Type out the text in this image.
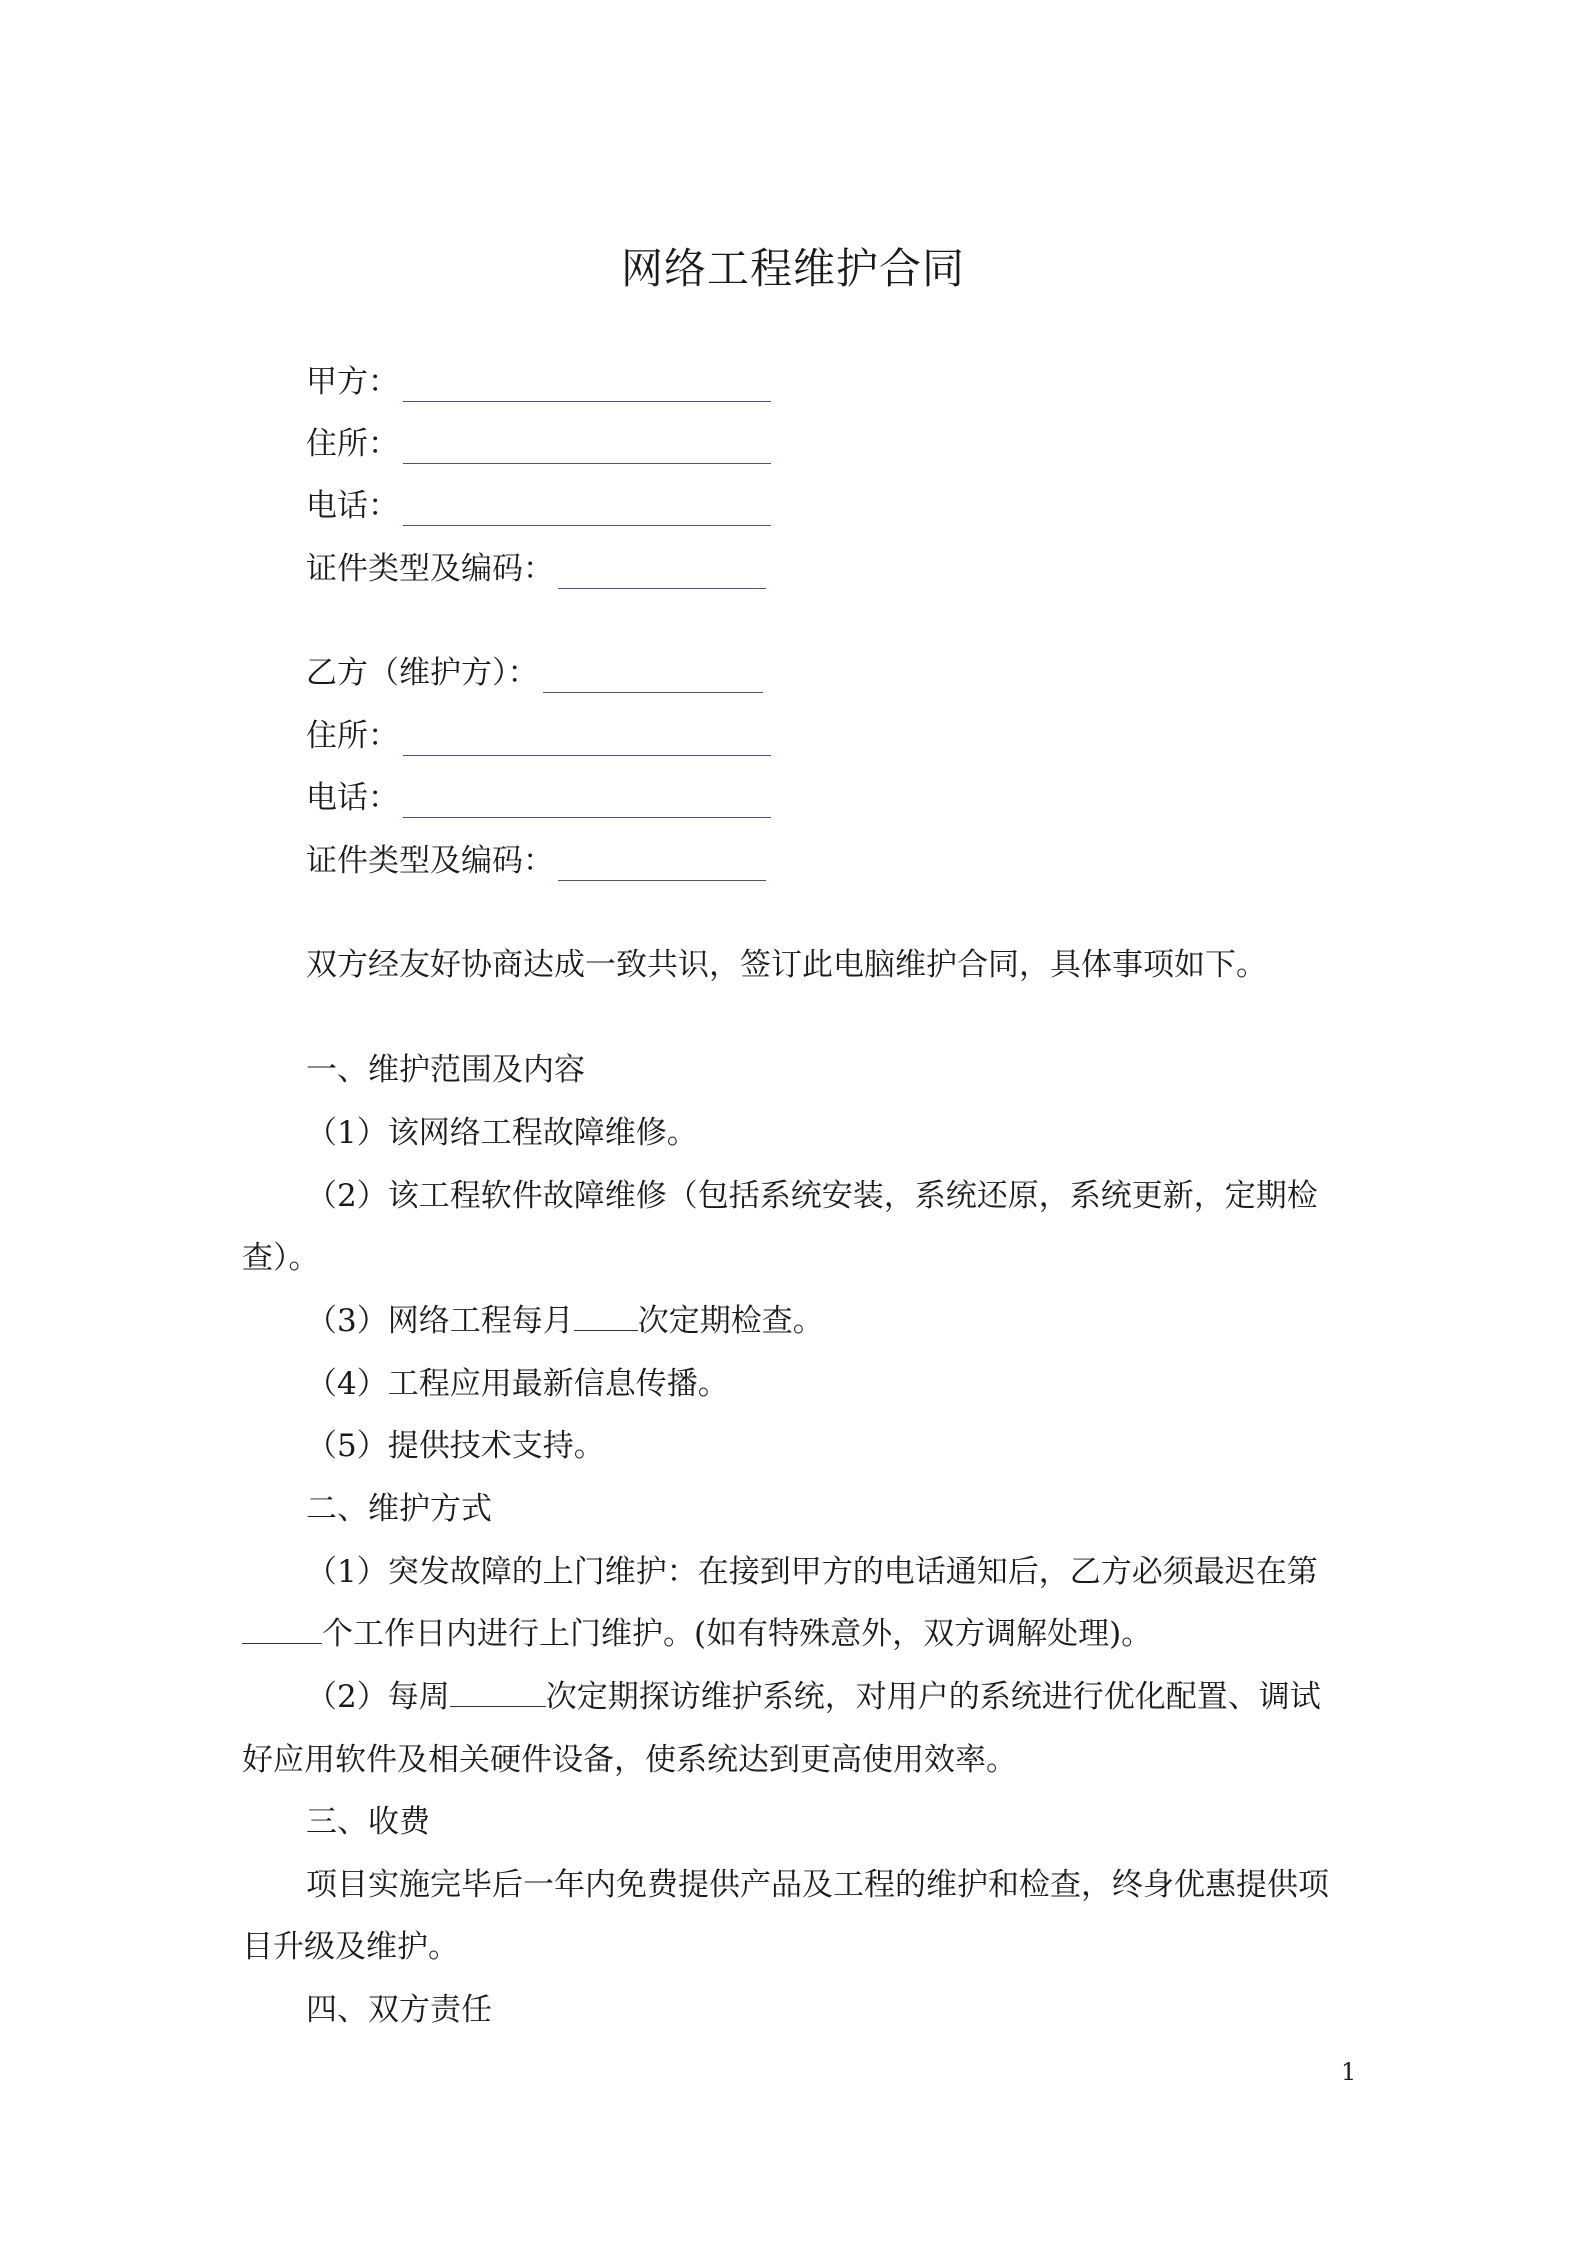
网络工程维护合同
甲方：
住所：
电话：
证件类型及编码：
乙方（维护方）：
住所：
电话：
证件类型及编码：
双方经友好协商达成一致共识，签订此电脑维护合同，具体事项如下。
一、维护范围及内容
（1）该网络工程故障维修。
（2）该工程软件故障维修（包括系统安装，系统还原，系统更新，定期检
查）。
（3）网络工程每月 次定期检查。
（4）工程应用最新信息传播。
（5）提供技术支持。
二、维护方式
（1）突发故障的上门维护：在接到甲方的电话通知后，乙方必须最迟在第
个工作日内进行上门维护。(如有特殊意外，双方调解处理)。
（2）每周	次定期探访维护系统，对用户的系统进行优化配置、调试
好应用软件及相关硬件设备，使系统达到更高使用效率。
三、收费
项目实施完毕后一年内免费提供产品及工程的维护和检查，终身优惠提供项
目升级及维护。
四、双方责任
1
